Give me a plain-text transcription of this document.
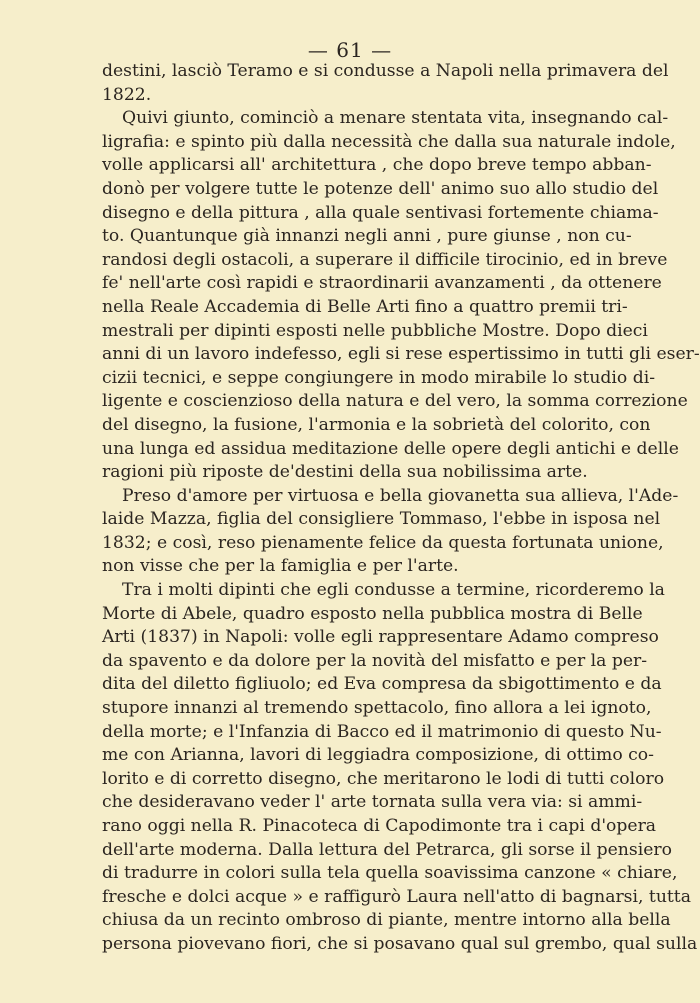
— 61 —
destini, lasciò Teramo e si condusse a Napoli nella primavera del
1822.
Quivi giunto, cominciò a menare stentata vita, insegnando cal-
ligrafia: e spinto più dalla necessità che dalla sua naturale indole,
volle applicarsi all' architettura , che dopo breve tempo abban-
donò per volgere tutte le potenze dell' animo suo allo studio del
disegno e della pittura , alla quale sentivasi fortemente chiama-
to. Quantunque già innanzi negli anni , pure giunse , non cu-
randosi degli ostacoli, a superare il difficile tirocinio, ed in breve
fe' nell'arte così rapidi e straordinarii avanzamenti , da ottenere
nella Reale Accademia di Belle Arti fino a quattro premii tri-
mestrali per dipinti esposti nelle pubbliche Mostre. Dopo dieci
anni di un lavoro indefesso, egli si rese espertissimo in tutti gli eser-
cizii tecnici, e seppe congiungere in modo mirabile lo studio di-
ligente e coscienzioso della natura e del vero, la somma correzione
del disegno, la fusione, l'armonia e la sobrietà del colorito, con
una lunga ed assidua meditazione delle opere degli antichi e delle
ragioni più riposte de'destini della sua nobilissima arte.
Preso d'amore per virtuosa e bella giovanetta sua allieva, l'Ade-
laide Mazza, figlia del consigliere Tommaso, l'ebbe in isposa nel
1832; e così, reso pienamente felice da questa fortunata unione,
non visse che per la famiglia e per l'arte.
Tra i molti dipinti che egli condusse a termine, ricorderemo la
Morte di Abele, quadro esposto nella pubblica mostra di Belle
Arti (1837) in Napoli: volle egli rappresentare Adamo compreso
da spavento e da dolore per la novità del misfatto e per la per-
dita del diletto figliuolo; ed Eva compresa da sbigottimento e da
stupore innanzi al tremendo spettacolo, fino allora a lei ignoto,
della morte; e l'Infanzia di Bacco ed il matrimonio di questo Nu-
me con Arianna, lavori di leggiadra composizione, di ottimo co-
lorito e di corretto disegno, che meritarono le lodi di tutti coloro
che desideravano veder l' arte tornata sulla vera via: si ammi-
rano oggi nella R. Pinacoteca di Capodimonte tra i capi d'opera
dell'arte moderna. Dalla lettura del Petrarca, gli sorse il pensiero
di tradurre in colori sulla tela quella soavissima canzone « chiare,
fresche e dolci acque » e raffigurò Laura nell'atto di bagnarsi, tutta
chiusa da un recinto ombroso di piante, mentre intorno alla bella
persona piovevano fiori, che si posavano qual sul grembo, qual sulla
